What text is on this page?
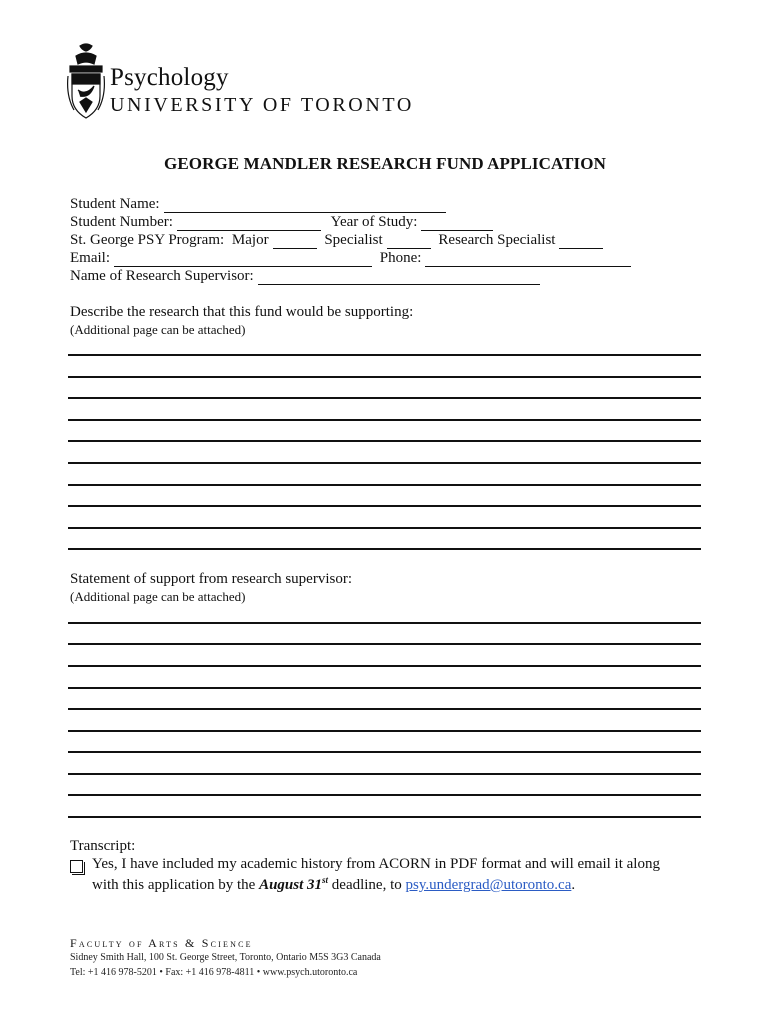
Psychology
UNIVERSITY OF TORONTO
GEORGE MANDLER RESEARCH FUND APPLICATION
Student Name:
Student Number:	Year of Study:
St. George PSY Program: Major	Specialist	Research Specialist
Email:	Phone:
Name of Research Supervisor:
Describe the research that this fund would be supporting:
(Additional page can be attached)
Statement of support from research supervisor:
(Additional page can be attached)
Transcript:
Yes, I have included my academic history from ACORN in PDF format and will email it along
with this application by the August 31st deadline, to psy.undergrad@utoronto.ca.
Faculty of Arts & Science
Sidney Smith Hall, 100 St. George Street, Toronto, Ontario M5S 3G3 Canada
Tel: +1 416 978-5201 • Fax: +1 416 978-4811 • www.psych.utoronto.ca
